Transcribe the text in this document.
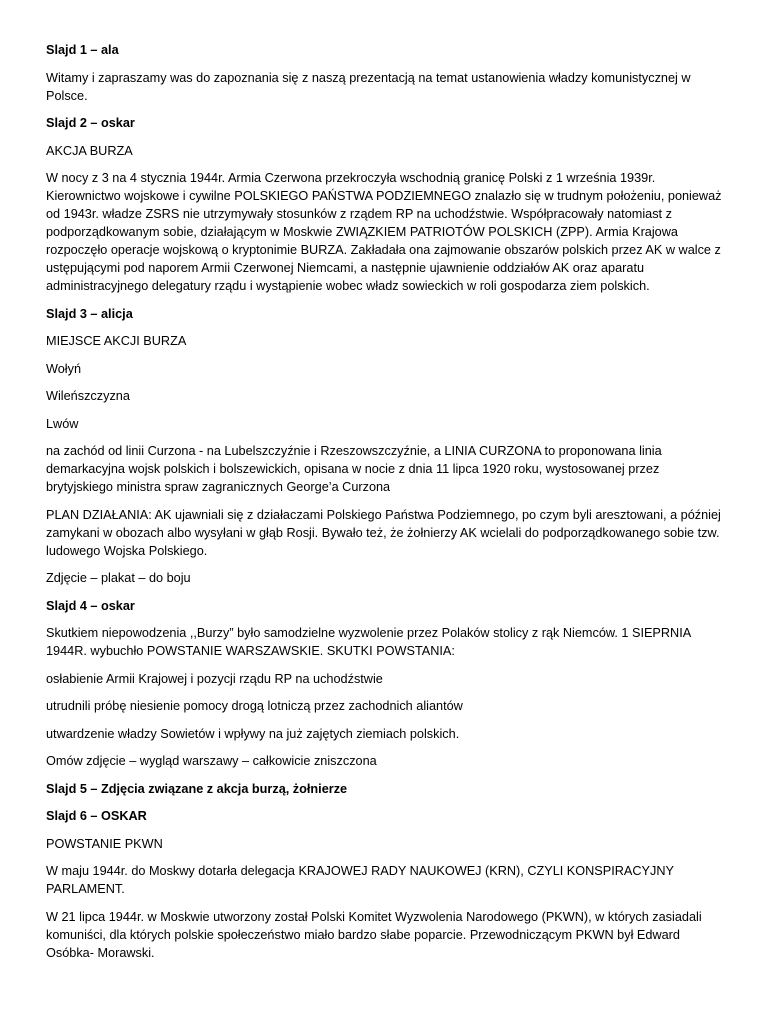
Slajd 1 – ala

Witamy i zapraszamy was do zapoznania się z naszą prezentacją na temat ustanowienia władzy komunistycznej w Polsce.

Slajd 2 – oskar

AKCJA BURZA

W nocy z 3 na 4 stycznia 1944r. Armia Czerwona przekroczyła wschodnią granicę Polski z 1 września 1939r. Kierownictwo wojskowe i cywilne POLSKIEGO PAŃSTWA PODZIEMNEGO znalazło się w trudnym położeniu, ponieważ od 1943r. władze ZSRS nie utrzymywały stosunków z rządem RP na uchodźstwie. Współpracowały natomiast z podporządkowanym sobie, działającym w Moskwie ZWIĄZKIEM PATRIOTÓW POLSKICH (ZPP). Armia Krajowa rozpoczęło operacje wojskową o kryptonimie BURZA. Zakładała ona zajmowanie obszarów polskich przez AK w walce z ustępującymi pod naporem Armii Czerwonej Niemcami, a następnie ujawnienie oddziałów AK oraz aparatu administracyjnego delegatury rządu i wystąpienie wobec władz sowieckich w roli gospodarza ziem polskich.

Slajd 3 – alicja

MIEJSCE AKCJI BURZA

Wołyń

Wileńszczyzna

Lwów

na zachód od linii Curzona - na Lubelszczyźnie i Rzeszowszczyźnie, a LINIA CURZONA to proponowana linia demarkacyjna wojsk polskich i bolszewickich, opisana w nocie z dnia 11 lipca 1920 roku, wystosowanej przez brytyjskiego ministra spraw zagranicznych George’a Curzona

PLAN DZIAŁANIA: AK ujawniali się z działaczami Polskiego Państwa Podziemnego, po czym byli aresztowani, a później zamykani w obozach albo wysyłani w głąb Rosji. Bywało też, że żołnierzy AK wcielali do podporządkowanego sobie tzw. ludowego Wojska Polskiego.

Zdjęcie – plakat – do boju

Slajd 4 – oskar

Skutkiem niepowodzenia ,,Burzy” było samodzielne wyzwolenie przez Polaków stolicy z rąk Niemców. 1 SIEPRNIA 1944R. wybuchło POWSTANIE WARSZAWSKIE. SKUTKI POWSTANIA:

osłabienie Armii Krajowej i pozycji rządu RP na uchodźstwie

utrudnili próbę niesienie pomocy drogą lotniczą przez zachodnich aliantów

utwardzenie władzy Sowietów i wpływy na już zajętych ziemiach polskich.

Omów zdjęcie – wygląd warszawy – całkowicie zniszczona

Slajd 5 – Zdjęcia związane z akcja burzą, żołnierze

Slajd 6 – OSKAR

POWSTANIE PKWN

W maju 1944r. do Moskwy dotarła delegacja KRAJOWEJ RADY NAUKOWEJ (KRN), CZYLI KONSPIRACYJNY PARLAMENT.

W 21 lipca 1944r. w Moskwie utworzony został Polski Komitet Wyzwolenia Narodowego (PKWN), w których zasiadali komuniści, dla których polskie społeczeństwo miało bardzo słabe poparcie. Przewodniczącym PKWN był Edward Osóbka- Morawski.
